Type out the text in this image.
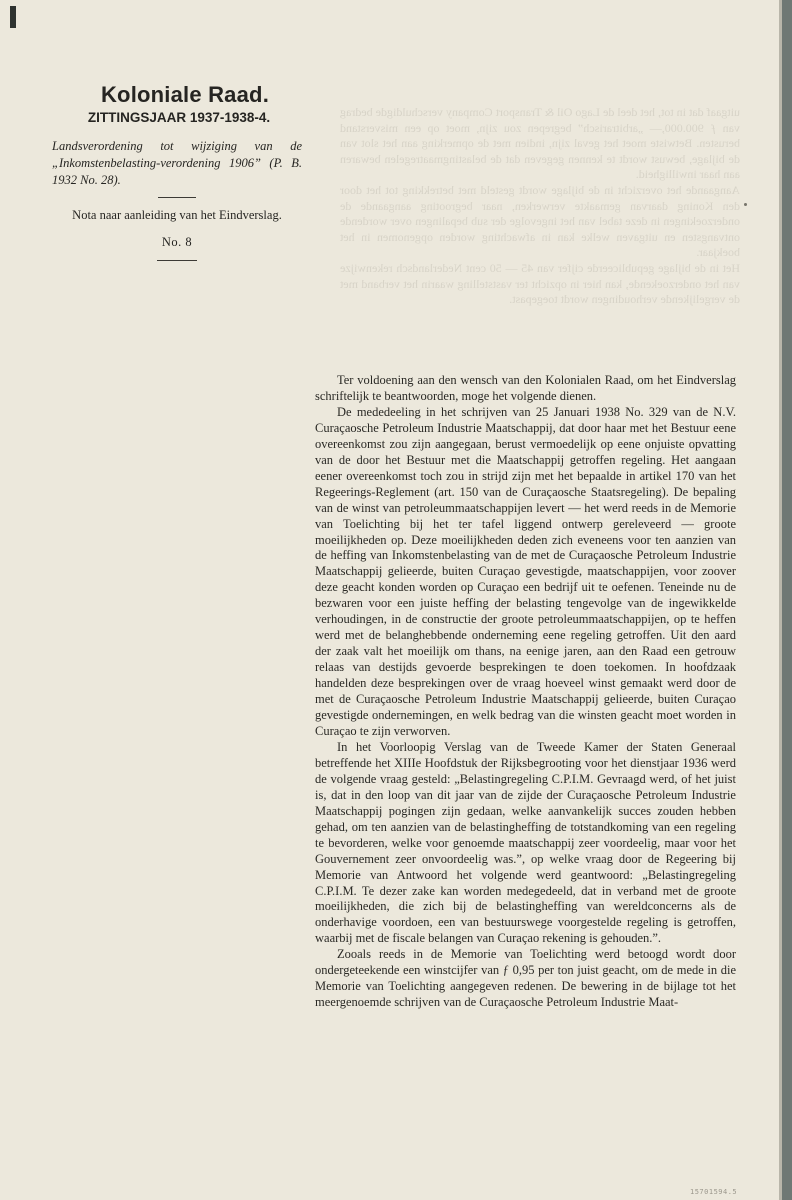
uitgaaf dat in tot, het deel de Lago Oil & Transport Company verschuldigde bedrag van ƒ 900.000,— „arbitrarisch” begrepen zou zijn, moet op een misverstand berusten. Betwiste moet het geval zijn, indien met de opmerking aan het slot van de bijlage, bewust wordt te kennen gegeven dat de belastingmaatregelen bewaren aan haar inwilligheid.

Aangaande het overzicht in de bijlage wordt gesteld met betrekking tot het door den Koning daarvan gemaakte verwerken, naar begrooting aangaande de onderzoekingen in deze tabel van het ingevolge der sub bepalingen over wordende ontvangsten en uitgaven welke kan in afwachting worden opgenomen in het boekjaar.

Het in de bijlage gepubliceerde cijfer van 45 — 50 cent Nederlandsch rekenwijze van het onderzoekende, kan hier in opzicht ter vaststelling waarin het verband met de vergelijkende verhoudingen wordt toegepast.

Koloniale Raad.
ZITTINGSJAAR 1937-1938-4.
Landsverordening tot wijziging van de „Inkomstenbelasting-verordening 1906” (P. B. 1932 No. 28).
Nota naar aanleiding van het Eindverslag.
No. 8

Ter voldoening aan den wensch van den Kolonialen Raad, om het Eindverslag schriftelijk te beantwoorden, moge het volgende dienen.

De mededeeling in het schrijven van 25 Januari 1938 No. 329 van de N.V. Curaçaosche Petroleum Industrie Maatschappij, dat door haar met het Bestuur eene overeenkomst zou zijn aangegaan, berust vermoedelijk op eene onjuiste opvatting van de door het Bestuur met die Maatschappij getroffen regeling. Het aangaan eener overeenkomst toch zou in strijd zijn met het bepaalde in artikel 170 van het Regeerings-Reglement (art. 150 van de Curaçaosche Staatsregeling). De bepaling van de winst van petroleummaatschappijen levert — het werd reeds in de Memorie van Toelichting bij het ter tafel liggend ontwerp gereleveerd — groote moeilijkheden op. Deze moeilijkheden deden zich eveneens voor ten aanzien van de heffing van Inkomstenbelasting van de met de Curaçaosche Petroleum Industrie Maatschappij gelieerde, buiten Curaçao gevestigde, maatschappijen, voor zoover deze geacht konden worden op Curaçao een bedrijf uit te oefenen. Teneinde nu de bezwaren voor een juiste heffing der belasting tengevolge van de ingewikkelde verhoudingen, in de constructie der groote petroleummaatschappijen, op te heffen werd met de belanghebbende onderneming eene regeling getroffen. Uit den aard der zaak valt het moeilijk om thans, na eenige jaren, aan den Raad een getrouw relaas van destijds gevoerde besprekingen te doen toekomen. In hoofdzaak handelden deze besprekingen over de vraag hoeveel winst gemaakt werd door de met de Curaçaosche Petroleum Industrie Maatschappij gelieerde, buiten Curaçao gevestigde ondernemingen, en welk bedrag van die winsten geacht moet worden in Curaçao te zijn verworven.

In het Voorloopig Verslag van de Tweede Kamer der Staten Generaal betreffende het XIIIe Hoofdstuk der Rijksbegrooting voor het dienstjaar 1936 werd de volgende vraag gesteld: „Belastingregeling C.P.I.M. Gevraagd werd, of het juist is, dat in den loop van dit jaar van de zijde der Curaçaosche Petroleum Industrie Maatschappij pogingen zijn gedaan, welke aanvankelijk succes zouden hebben gehad, om ten aanzien van de belastingheffing de totstandkoming van een regeling te bevorderen, welke voor genoemde maatschappij zeer voordeelig, maar voor het Gouvernement zeer onvoordeelig was.”, op welke vraag door de Regeering bij Memorie van Antwoord het volgende werd geantwoord: „Belastingregeling C.P.I.M. Te dezer zake kan worden medegedeeld, dat in verband met de groote moeilijkheden, die zich bij de belastingheffing van wereldconcerns als de onderhavige voordoen, een van bestuurswege voorgestelde regeling is getroffen, waarbij met de fiscale belangen van Curaçao rekening is gehouden.”.

Zooals reeds in de Memorie van Toelichting werd betoogd wordt door ondergeteekende een winstcijfer van ƒ 0,95 per ton juist geacht, om de mede in die Memorie van Toelichting aangegeven redenen. De bewering in de bijlage tot het meergenoemde schrijven van de Curaçaosche Petroleum Industrie Maat-

15701594.5
